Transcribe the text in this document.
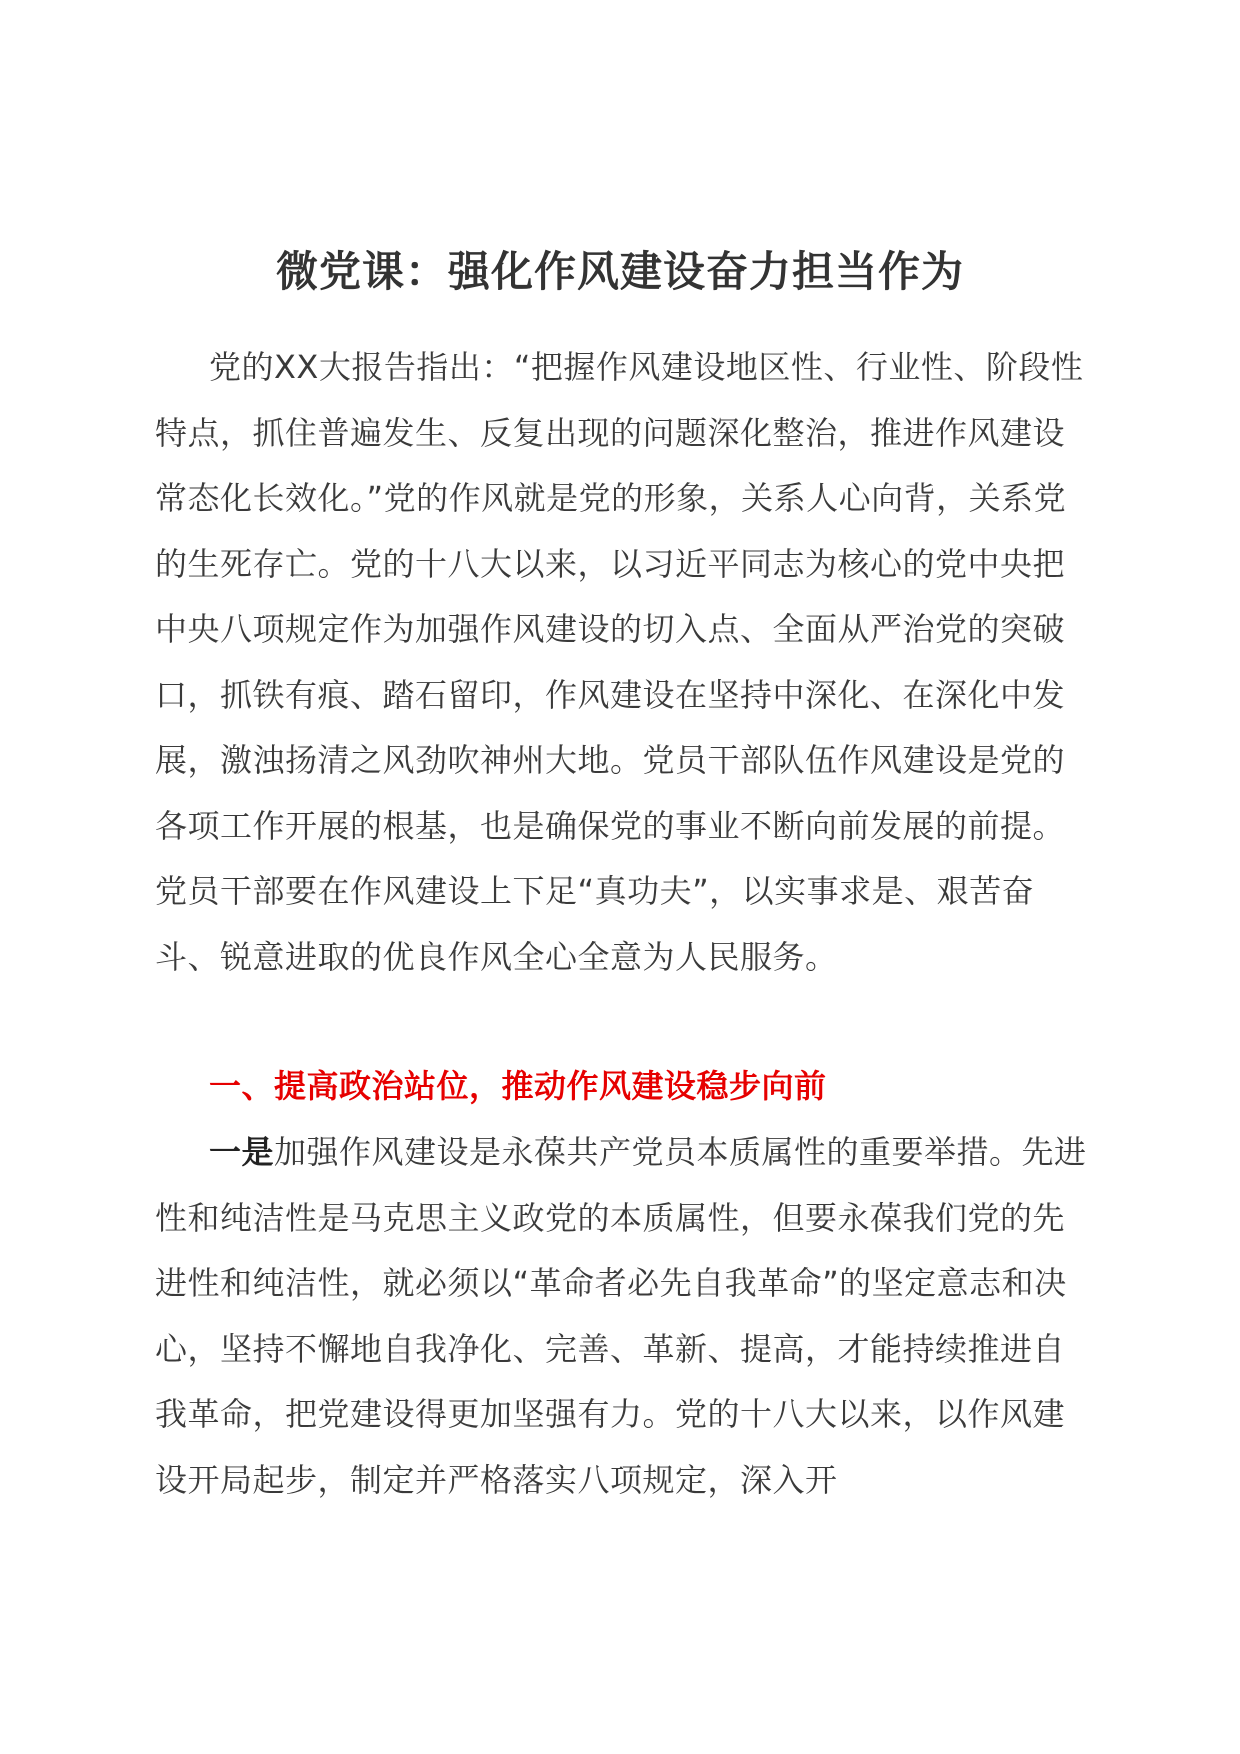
微党课：强化作风建设奋力担当作为

党的XX大报告指出：“把握作风建设地区性、行业性、阶段性特点，抓住普遍发生、反复出现的问题深化整治，推进作风建设常态化长效化。”党的作风就是党的形象，关系人心向背，关系党的生死存亡。党的十八大以来，以习近平同志为核心的党中央把中央八项规定作为加强作风建设的切入点、全面从严治党的突破口，抓铁有痕、踏石留印，作风建设在坚持中深化、在深化中发展，激浊扬清之风劲吹神州大地。党员干部队伍作风建设是党的各项工作开展的根基，也是确保党的事业不断向前发展的前提。党员干部要在作风建设上下足“真功夫”，以实事求是、艰苦奋斗、锐意进取的优良作风全心全意为人民服务。

一、提高政治站位，推动作风建设稳步向前

一是加强作风建设是永葆共产党员本质属性的重要举措。先进性和纯洁性是马克思主义政党的本质属性，但要永葆我们党的先进性和纯洁性，就必须以“革命者必先自我革命”的坚定意志和决心，坚持不懈地自我净化、完善、革新、提高，才能持续推进自我革命，把党建设得更加坚强有力。党的十八大以来，以作风建设开局起步，制定并严格落实八项规定，深入开
